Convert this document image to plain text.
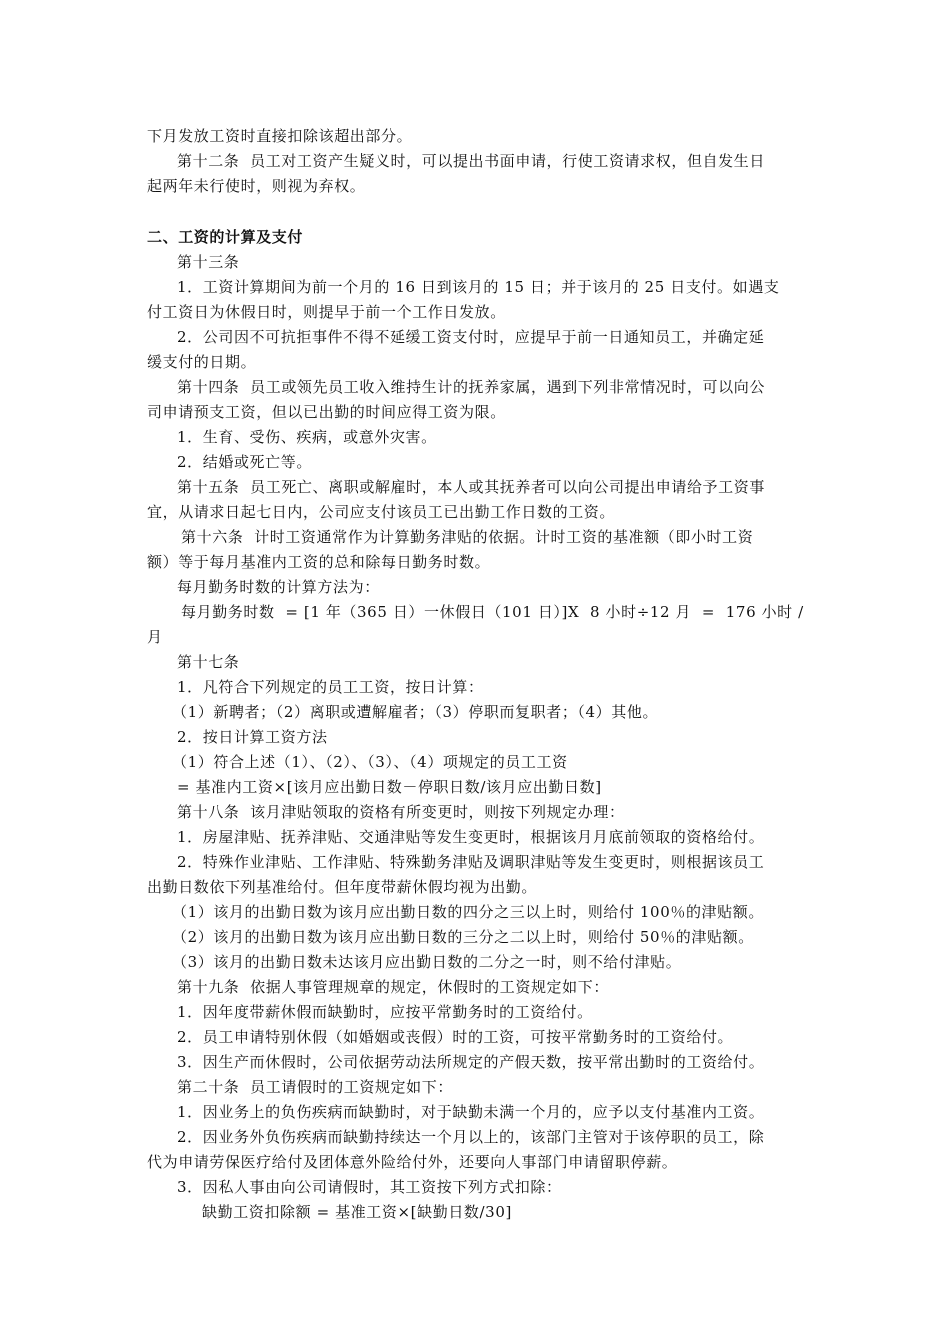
下月发放工资时直接扣除该超出部分。
第十二条  员工对工资产生疑义时，可以提出书面申请，行使工资请求权，但自发生日
起两年未行使时，则视为弃权。
二、工资的计算及支付
第十三条
1．工资计算期间为前一个月的 16 日到该月的 15 日；并于该月的 25 日支付。如遇支
付工资日为休假日时，则提早于前一个工作日发放。
2．公司因不可抗拒事件不得不延缓工资支付时，应提早于前一日通知员工，并确定延
缓支付的日期。
第十四条  员工或领先员工收入维持生计的抚养家属，遇到下列非常情况时，可以向公
司申请预支工资，但以已出勤的时间应得工资为限。
1．生育、受伤、疾病，或意外灾害。
2．结婚或死亡等。
第十五条  员工死亡、离职或解雇时，本人或其抚养者可以向公司提出申请给予工资事
宜，从请求日起七日内，公司应支付该员工已出勤工作日数的工资。
第十六条  计时工资通常作为计算勤务津贴的依据。计时工资的基准额（即小时工资
额）等于每月基准内工资的总和除每日勤务时数。
每月勤务时数的计算方法为：
每月勤务时数  = [1 年（365 日）一休假日（101 日）]X  8 小时÷12 月  =  176 小时 /
月
第十七条
1．凡符合下列规定的员工工资，按日计算：
（1）新聘者；（2）离职或遭解雇者；（3）停职而复职者；（4）其他。
2．按日计算工资方法
（1）符合上述（1）、（2）、（3）、（4）项规定的员工工资
= 基准内工资×[该月应出勤日数－停职日数/该月应出勤日数]
第十八条  该月津贴领取的资格有所变更时，则按下列规定办理：
1．房屋津贴、抚养津贴、交通津贴等发生变更时，根据该月月底前领取的资格给付。
2．特殊作业津贴、工作津贴、特殊勤务津贴及调职津贴等发生变更时，则根据该员工
出勤日数依下列基准给付。但年度带薪休假均视为出勤。
（1）该月的出勤日数为该月应出勤日数的四分之三以上时，则给付 100％的津贴额。
（2）该月的出勤日数为该月应出勤日数的三分之二以上时，则给付 50％的津贴额。
（3）该月的出勤日数未达该月应出勤日数的二分之一时，则不给付津贴。
第十九条  依据人事管理规章的规定，休假时的工资规定如下：
1．因年度带薪休假而缺勤时，应按平常勤务时的工资给付。
2．员工申请特别休假（如婚姻或丧假）时的工资，可按平常勤务时的工资给付。
3．因生产而休假时，公司依据劳动法所规定的产假天数，按平常出勤时的工资给付。
第二十条  员工请假时的工资规定如下：
1．因业务上的负伤疾病而缺勤时，对于缺勤未满一个月的，应予以支付基准内工资。
2．因业务外负伤疾病而缺勤持续达一个月以上的，该部门主管对于该停职的员工，除
代为申请劳保医疗给付及团体意外险给付外，还要向人事部门申请留职停薪。
3．因私人事由向公司请假时，其工资按下列方式扣除：
缺勤工资扣除额 = 基准工资×[缺勤日数/30]
